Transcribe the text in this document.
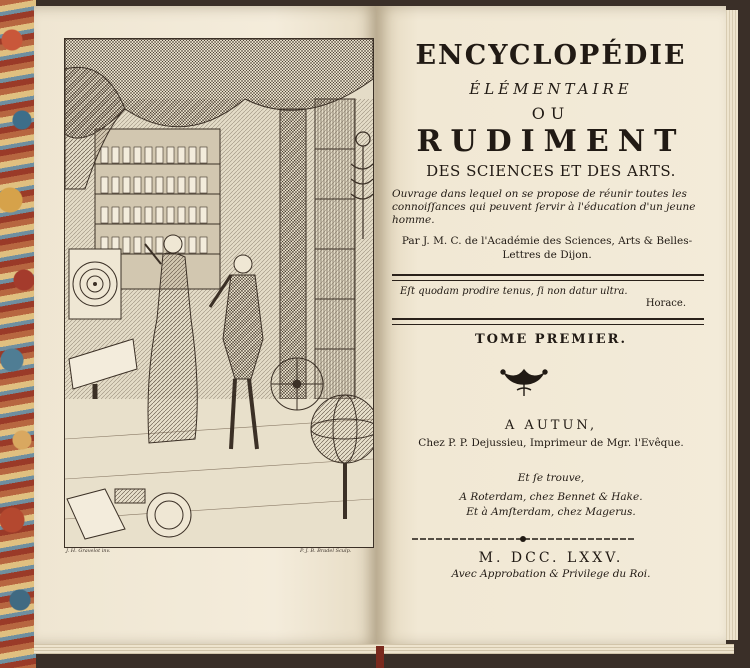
J. H. Gravelot inv.	P. J. B. Bradel Sculp.
ENCYCLOPÉDIE
ÉLÉMENTAIRE
OU
RUDIMENT
DES SCIENCES ET DES ARTS.
Ouvrage dans lequel on se propose de réunir toutes les connoiſſances qui peuvent ſervir à l'éducation d'un jeune homme.
Par J. M. C. de l'Académie des Sciences, Arts & Belles-Lettres de Dijon.
Eſt quodam prodire tenus, ſi non datur ultra.
Horace.
TOME PREMIER.
A AUTUN,
Chez P. P. Dejussieu, Imprimeur de Mgr. l'Evêque.
Et ſe trouve,
A Roterdam, chez Bennet & Hake.
Et à Amſterdam, chez Magerus.
M. DCC. LXXV.
Avec Approbation & Privilege du Roi.
